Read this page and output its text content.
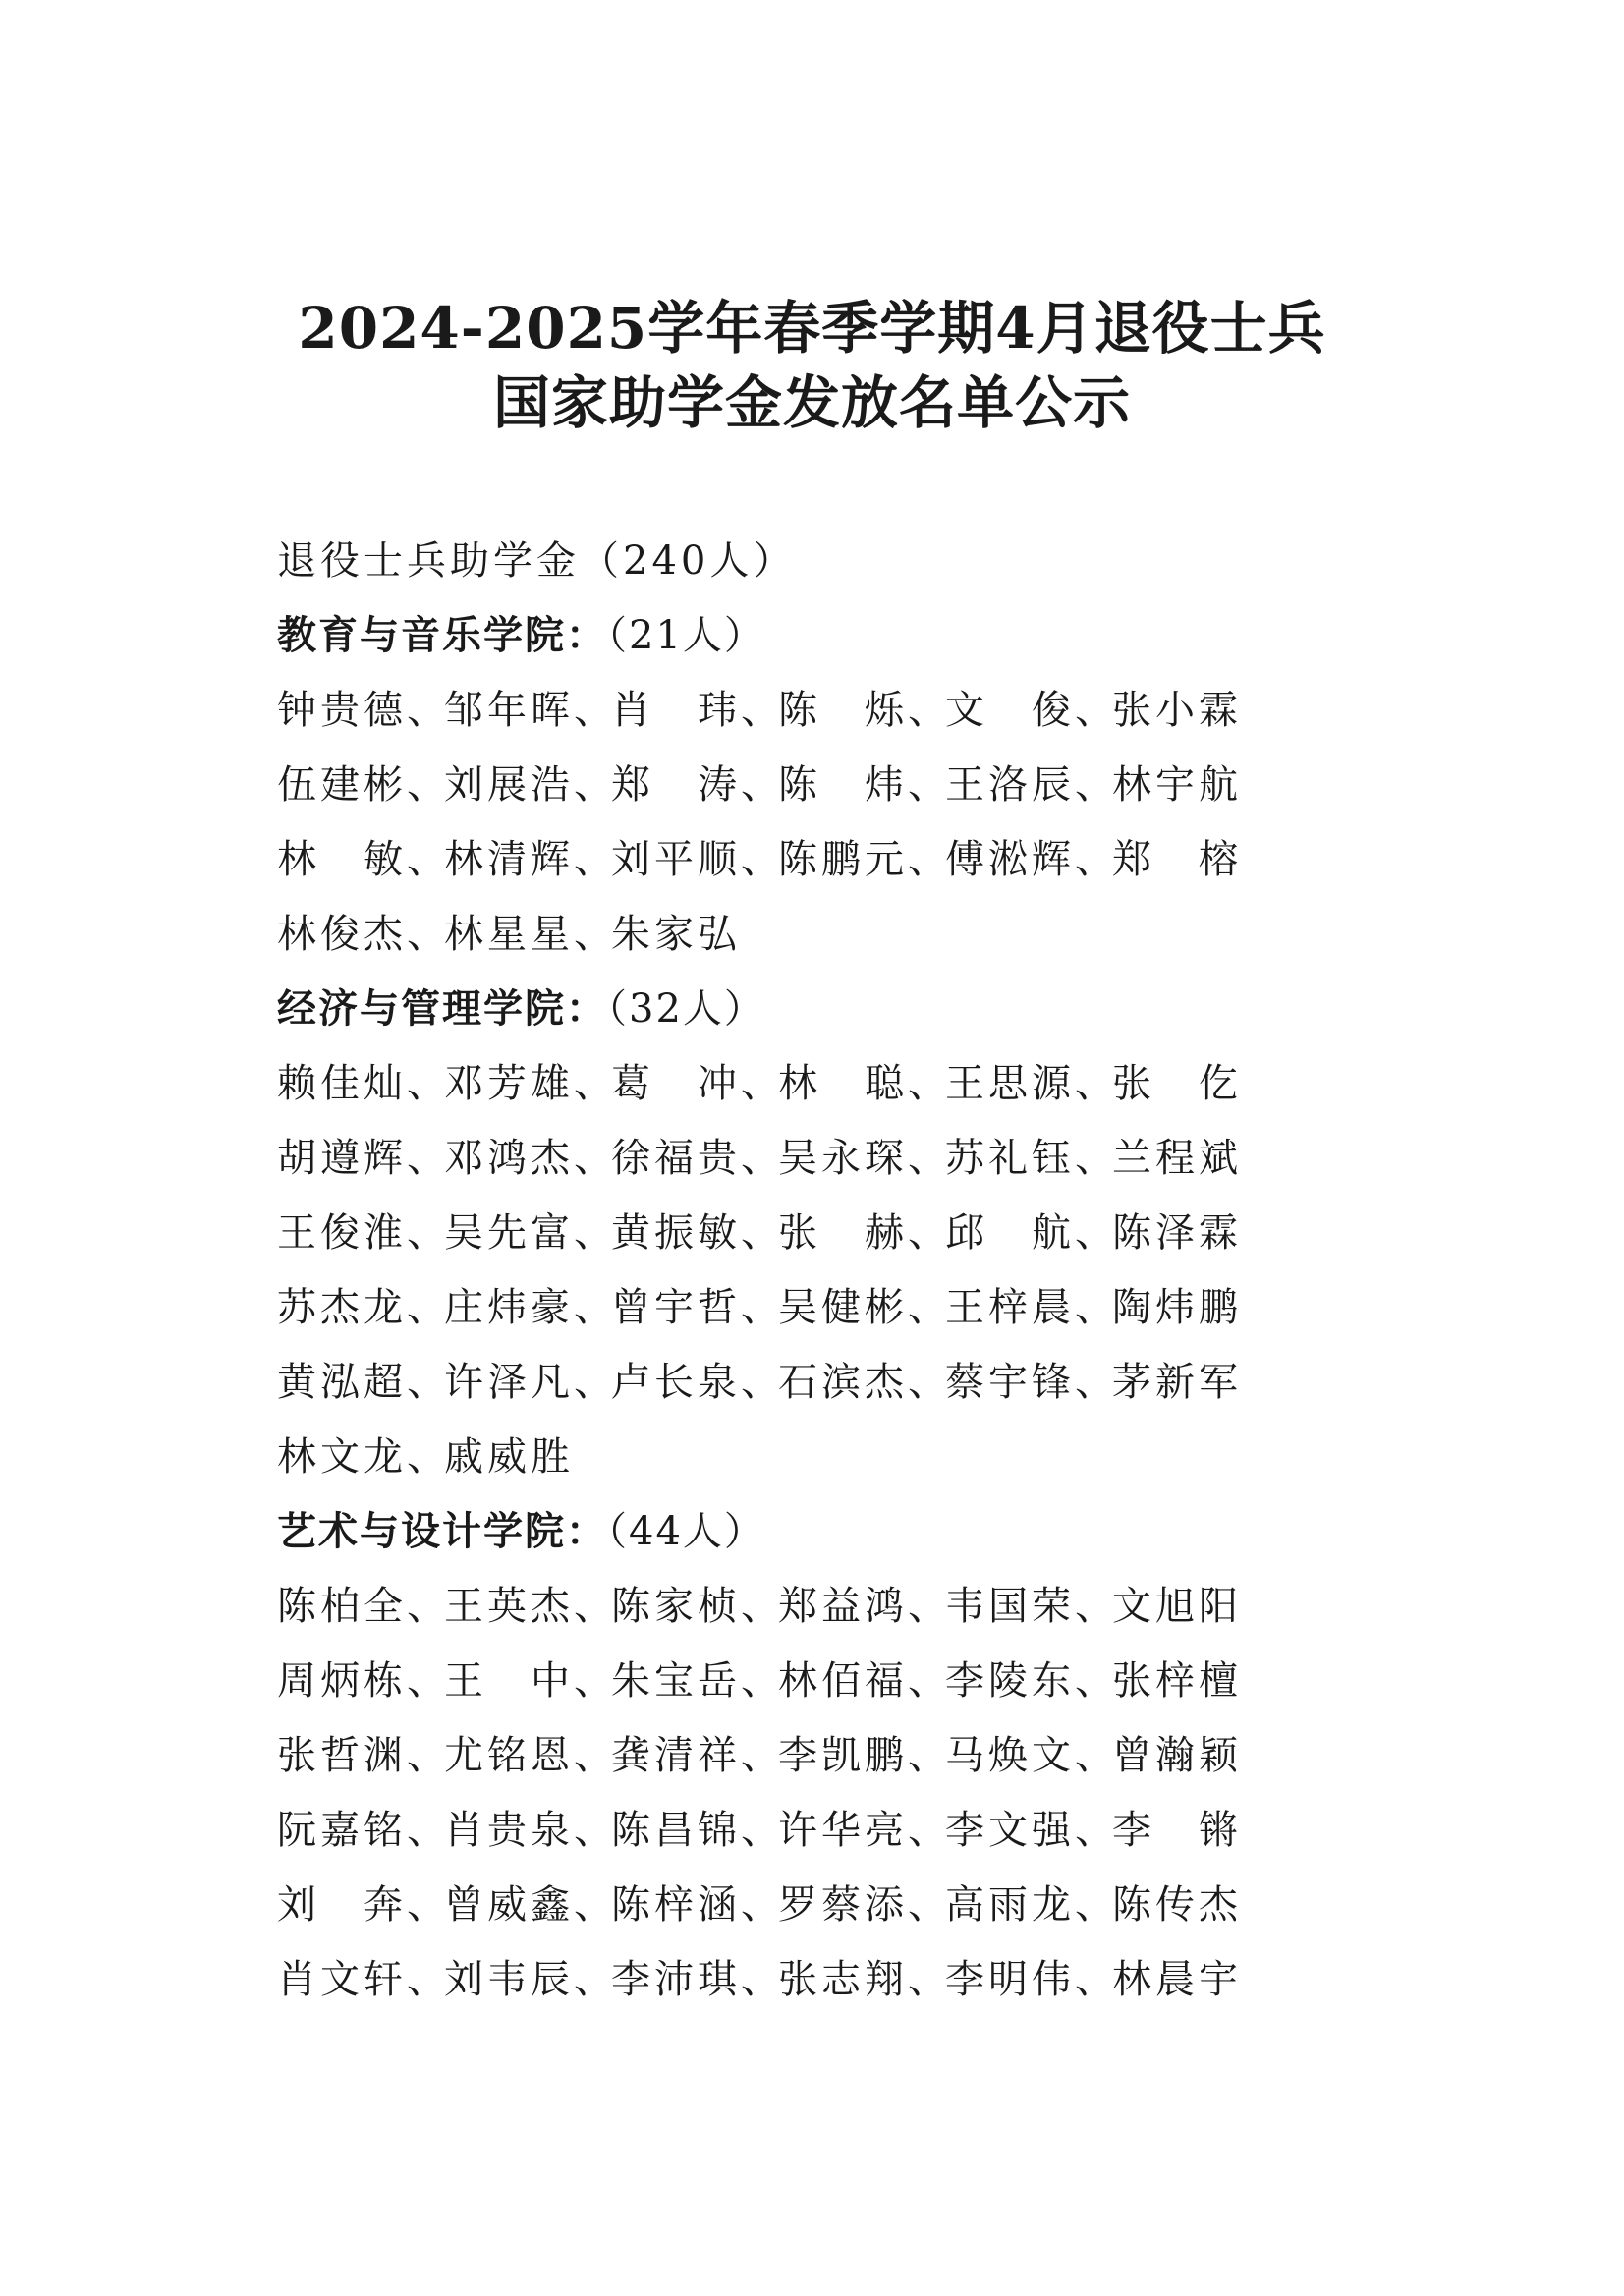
2024-2025学年春季学期4月退役士兵
国家助学金发放名单公示
退役士兵助学金（240人）
教育与音乐学院：（21人）
钟贵德 、
邹年晖 、
肖　玮 、
陈　烁 、
文　俊 、
张小霖
伍建彬 、
刘展浩 、
郑　涛 、
陈　炜 、
王洛辰 、
林宇航
林　敏 、
林清辉 、
刘平顺 、
陈鹏元 、
傅淞辉 、
郑　榕
林俊杰 、
林星星 、
朱家弘
经济与管理学院：（32人）
赖佳灿 、
邓芳雄 、
葛　冲 、
林　聪 、
王思源 、
张　仡
胡遵辉 、
邓鸿杰 、
徐福贵 、
吴永琛 、
苏礼钰 、
兰程斌
王俊淮 、
吴先富 、
黄振敏 、
张　赫 、
邱　航 、
陈泽霖
苏杰龙 、
庄炜豪 、
曾宇哲 、
吴健彬 、
王梓晨 、
陶炜鹏
黄泓超 、
许泽凡 、
卢长泉 、
石滨杰 、
蔡宇锋 、
茅新军
林文龙 、
戚威胜
艺术与设计学院：（44人）
陈柏全 、
王英杰 、
陈家桢 、
郑益鸿 、
韦国荣 、
文旭阳
周炳栋 、
王　中 、
朱宝岳 、
林佰福 、
李陵东 、
张梓檀
张哲渊 、
尤铭恩 、
龚清祥 、
李凯鹏 、
马焕文 、
曾瀚颖
阮嘉铭 、
肖贵泉 、
陈昌锦 、
许华亮 、
李文强 、
李　锵
刘　奔 、
曾威鑫 、
陈梓涵 、
罗蔡添 、
高雨龙 、
陈传杰
肖文轩 、
刘韦辰 、
李沛琪 、
张志翔 、
李明伟 、
林晨宇
